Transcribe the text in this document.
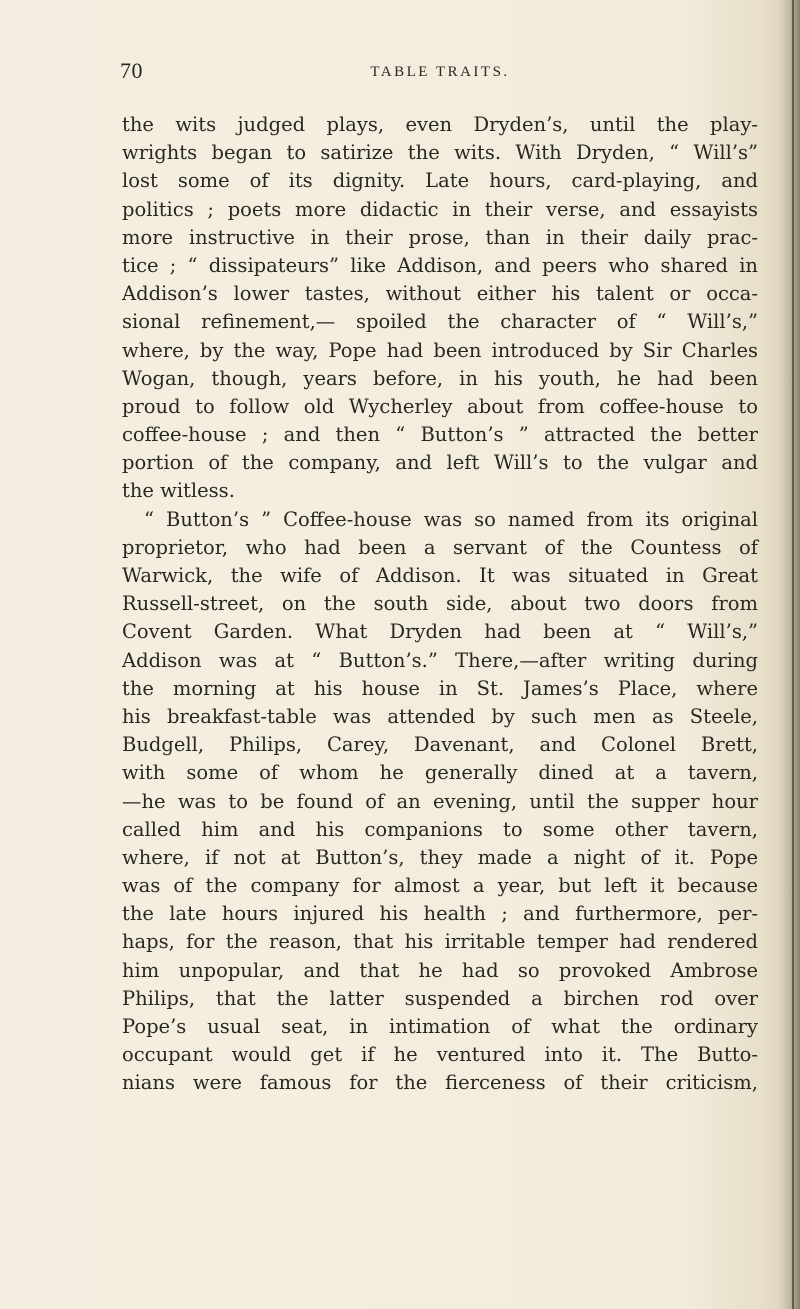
70	TABLE TRAITS.
the wits judged plays, even Dryden’s, until the play-
wrights began to satirize the wits. With Dryden, “ Will’s”
lost some of its dignity. Late hours, card-playing, and
politics ; poets more didactic in their verse, and essayists
more instructive in their prose, than in their daily prac-
tice ; “ dissipateurs” like Addison, and peers who shared in
Addison’s lower tastes, without either his talent or occa-
sional refinement,— spoiled the character of “ Will’s,”
where, by the way, Pope had been introduced by Sir Charles
Wogan, though, years before, in his youth, he had been
proud to follow old Wycherley about from coffee-house to
coffee-house ; and then “ Button’s ” attracted the better
portion of the company, and left Will’s to the vulgar and
the witless.
“ Button’s ” Coffee-house was so named from its original
proprietor, who had been a servant of the Countess of
Warwick, the wife of Addison. It was situated in Great
Russell-street, on the south side, about two doors from
Covent Garden. What Dryden had been at “ Will’s,”
Addison was at “ Button’s.” There,—after writing during
the morning at his house in St. James’s Place, where
his breakfast-table was attended by such men as Steele,
Budgell, Philips, Carey, Davenant, and Colonel Brett,
with some of whom he generally dined at a tavern,
—he was to be found of an evening, until the supper hour
called him and his companions to some other tavern,
where, if not at Button’s, they made a night of it. Pope
was of the company for almost a year, but left it because
the late hours injured his health ; and furthermore, per-
haps, for the reason, that his irritable temper had rendered
him unpopular, and that he had so provoked Ambrose
Philips, that the latter suspended a birchen rod over
Pope’s usual seat, in intimation of what the ordinary
occupant would get if he ventured into it. The Butto-
nians were famous for the fierceness of their criticism,
